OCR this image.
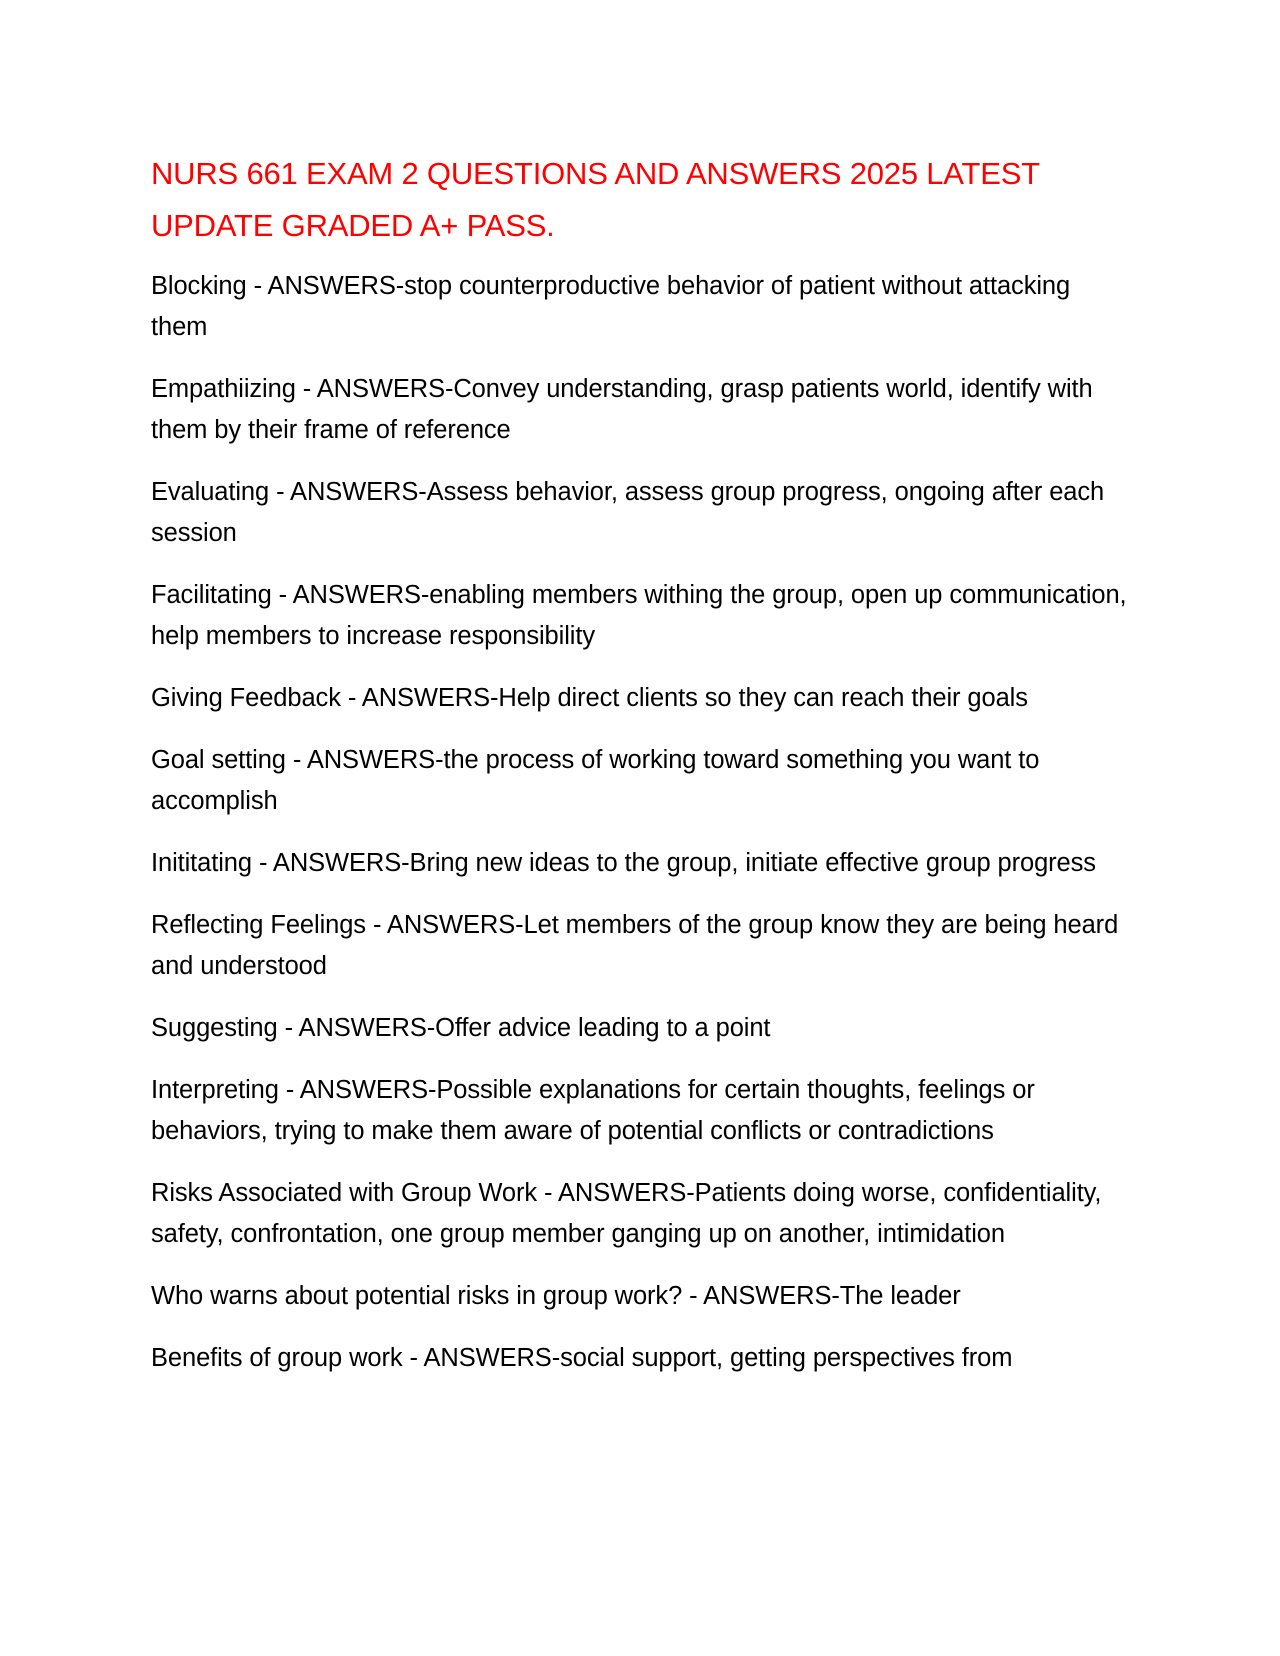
NURS 661 EXAM 2 QUESTIONS AND ANSWERS 2025 LATEST UPDATE GRADED A+ PASS.

Blocking - ANSWERS-stop counterproductive behavior of patient without attacking them

Empathiizing - ANSWERS-Convey understanding, grasp patients world, identify with them by their frame of reference

Evaluating - ANSWERS-Assess behavior, assess group progress, ongoing after each session

Facilitating - ANSWERS-enabling members withing the group, open up communication, help members to increase responsibility

Giving Feedback - ANSWERS-Help direct clients so they can reach their goals

Goal setting - ANSWERS-the process of working toward something you want to accomplish

Inititating - ANSWERS-Bring new ideas to the group, initiate effective group progress

Reflecting Feelings - ANSWERS-Let members of the group know they are being heard and understood

Suggesting - ANSWERS-Offer advice leading to a point

Interpreting - ANSWERS-Possible explanations for certain thoughts, feelings or behaviors, trying to make them aware of potential conflicts or contradictions

Risks Associated with Group Work - ANSWERS-Patients doing worse, confidentiality, safety, confrontation, one group member ganging up on another, intimidation

Who warns about potential risks in group work? - ANSWERS-The leader

Benefits of group work - ANSWERS-social support, getting perspectives from
